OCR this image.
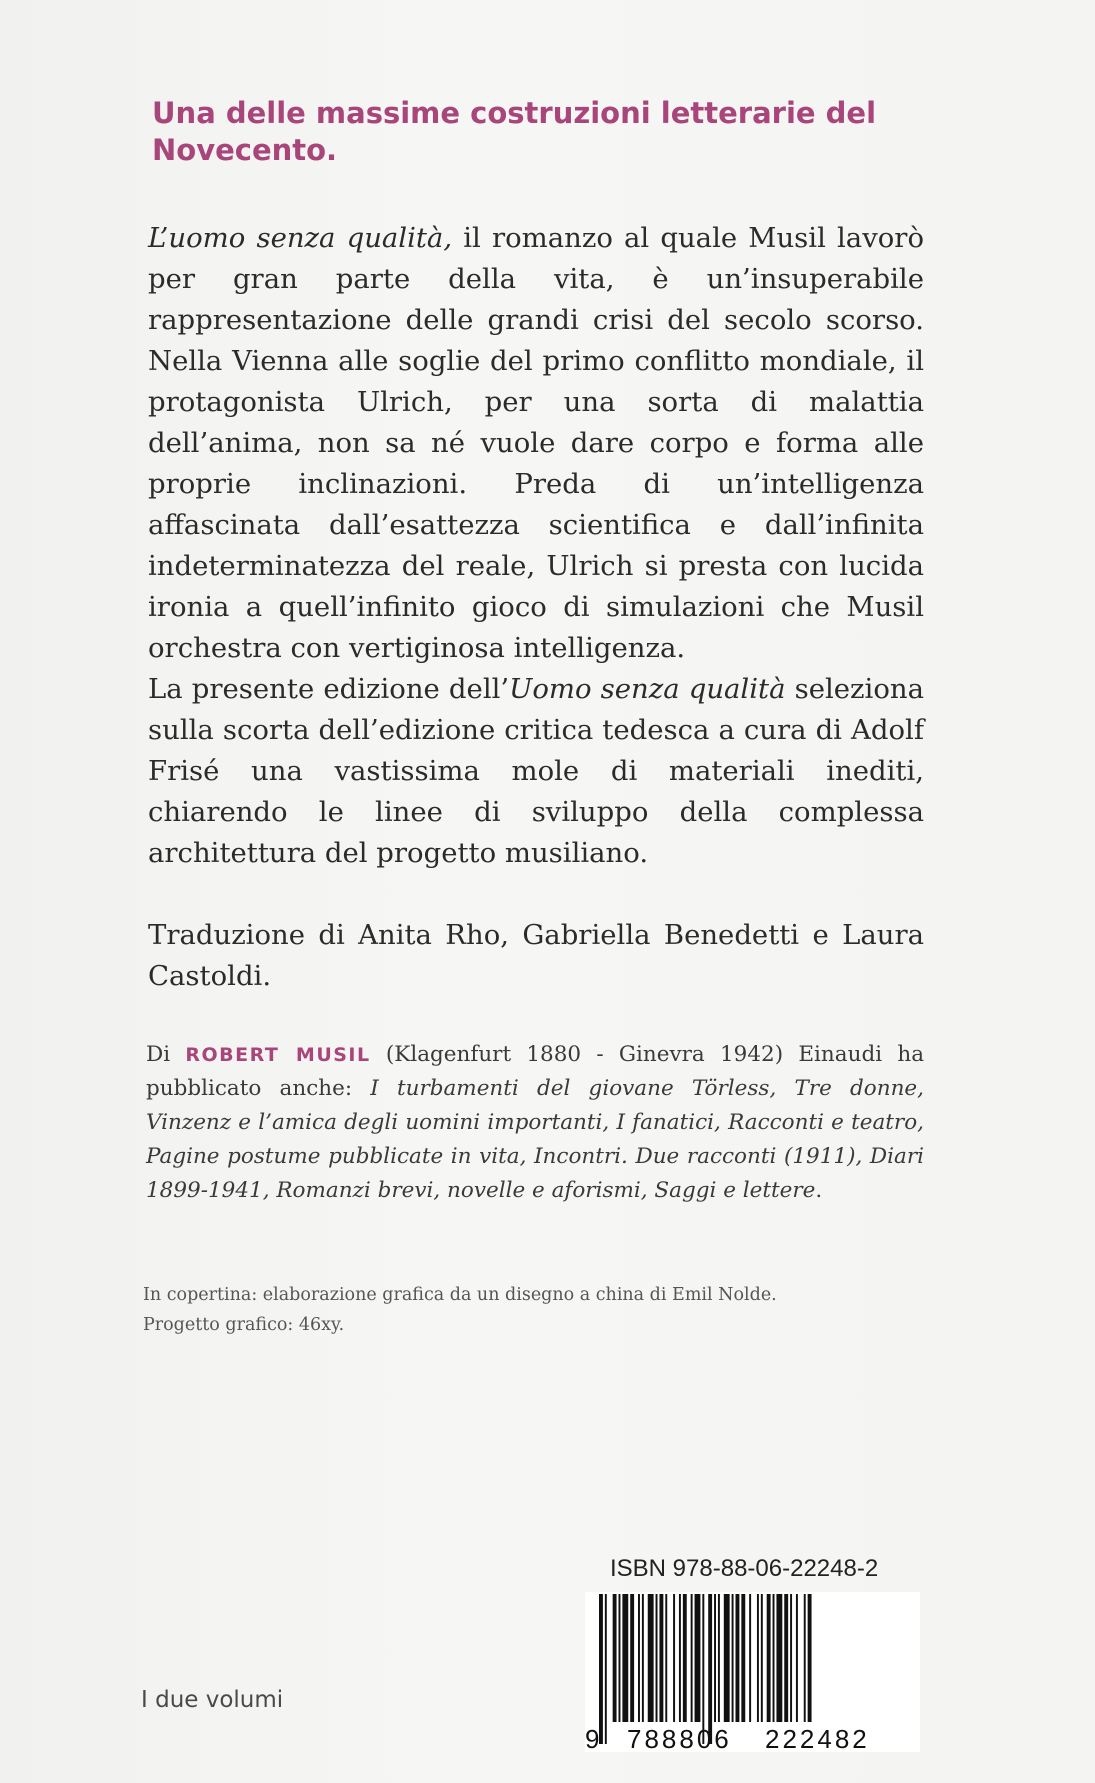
Una delle massime costruzioni letterarie del Novecento.

L’uomo senza qualità, il romanzo al quale Musil lavorò per gran parte della vita, è un’insuperabile rappresentazione delle grandi crisi del secolo scorso. Nella Vienna alle soglie del primo conflitto mondiale, il protagonista Ulrich, per una sorta di malattia dell’anima, non sa né vuole dare corpo e forma alle proprie inclinazioni. Preda di un’intelligenza affascinata dall’esattezza scientifica e dall’infinita indeterminatezza del reale, Ulrich si presta con lucida ironia a quell’infinito gioco di simulazioni che Musil orchestra con vertiginosa intelligenza.

La presente edizione dell’Uomo senza qualità seleziona sulla scorta dell’edizione critica tedesca a cura di Adolf Frisé una vastissima mole di materiali inediti, chiarendo le linee di sviluppo della complessa architettura del progetto musiliano.

Traduzione di Anita Rho, Gabriella Benedetti e Laura Castoldi.

Di ROBERT MUSIL (Klagenfurt 1880 - Ginevra 1942) Einaudi ha pubblicato anche: I turbamenti del giovane Törless, Tre donne, Vinzenz e l’amica degli uomini importanti, I fanatici, Racconti e teatro, Pagine postume pubblicate in vita, Incontri. Due racconti (1911), Diari 1899-1941, Romanzi brevi, novelle e aforismi, Saggi e lettere.

In copertina: elaborazione grafica da un disegno a china di Emil Nolde.
Progetto grafico: 46xy.
ISBN 978-88-06-22248-2
9 788806 222482
I due volumi
